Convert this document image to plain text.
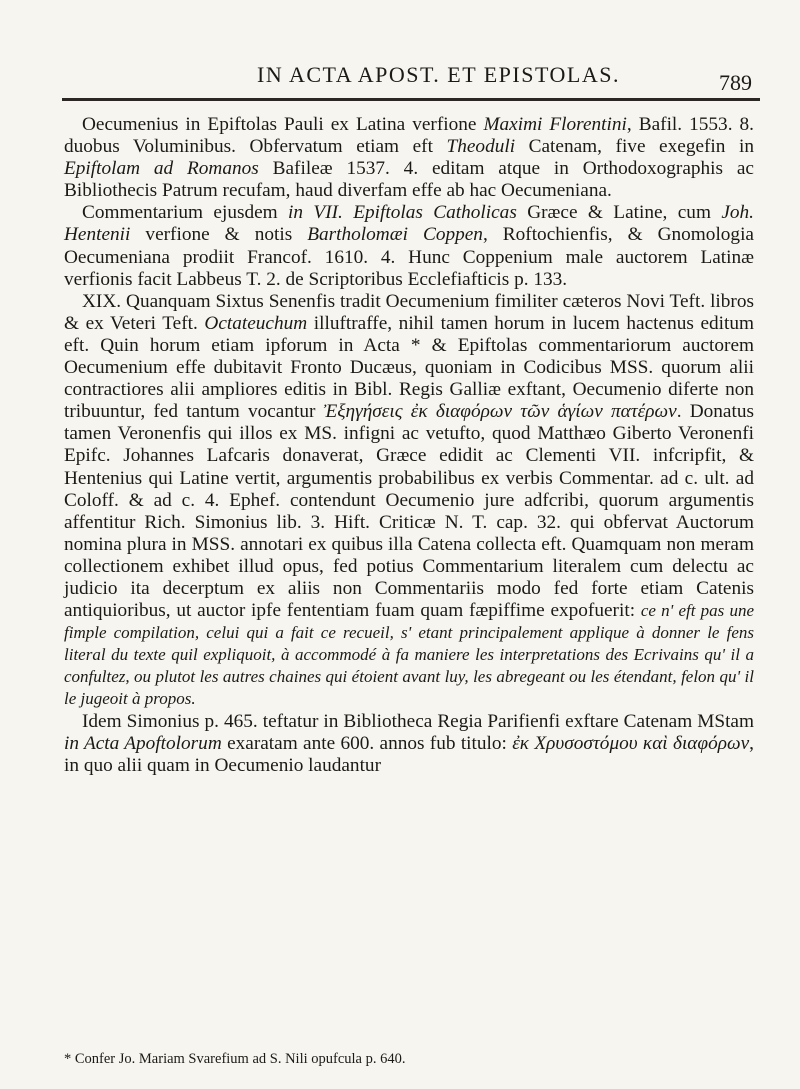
IN ACTA APOST. ET EPISTOLAS.	789

Oecumenius in Epiftolas Pauli ex Latina verfione Maximi Florentini, Bafil. 1553. 8. duobus Voluminibus. Obfervatum etiam eft Theoduli Catenam, five exegefin in Epiftolam ad Romanos Bafileæ 1537. 4. editam atque in Orthodoxographis ac Bibliothecis Patrum recufam, haud diverfam effe ab hac Oecumeniana.

Commentarium ejusdem in VII. Epiftolas Catholicas Græce & Latine, cum Joh. Hentenii verfione & notis Bartholomæi Coppen, Roftochienfis, & Gnomologia Oecumeniana prodiit Francof. 1610. 4. Hunc Coppenium male auctorem Latinæ verfionis facit Labbeus T. 2. de Scriptoribus Ecclefiafticis p. 133.

XIX. Quanquam Sixtus Senenfis tradit Oecumenium fimiliter cæteros Novi Teft. libros & ex Veteri Teft. Octateuchum illuftraffe, nihil tamen horum in lucem hactenus editum eft. Quin horum etiam ipforum in Acta * & Epiftolas commentariorum auctorem Oecumenium effe dubitavit Fronto Ducæus, quoniam in Codicibus MSS. quorum alii contractiores alii ampliores editis in Bibl. Regis Galliæ exftant, Oecumenio diferte non tribuuntur, fed tantum vocantur Ἐξηγήσεις ἐκ διαφόρων τῶν ἁγίων πατέρων. Donatus tamen Veronenfis qui illos ex MS. infigni ac vetufto, quod Matthæo Giberto Veronenfi Epifc. Johannes Lafcaris donaverat, Græce edidit ac Clementi VII. infcripfit, & Hentenius qui Latine vertit, argumentis probabilibus ex verbis Commentar. ad c. ult. ad Coloff. & ad c. 4. Ephef. contendunt Oecumenio jure adfcribi, quorum argumentis affentitur Rich. Simonius lib. 3. Hift. Criticæ N. T. cap. 32. qui obfervat Auctorum nomina plura in MSS. annotari ex quibus illa Catena collecta eft. Quamquam non meram collectionem exhibet illud opus, fed potius Commentarium literalem cum delectu ac judicio ita decerptum ex aliis non Commentariis modo fed forte etiam Catenis antiquioribus, ut auctor ipfe fententiam fuam quam fæpiffime expofuerit: ce n' eft pas une fimple compilation, celui qui a fait ce recueil, s' etant principalement applique à donner le fens literal du texte quil expliquoit, à accommodé à fa maniere les interpretations des Ecrivains qu' il a confultez, ou plutot les autres chaines qui étoient avant luy, les abregeant ou les étendant, felon qu' il le jugeoit à propos.

Idem Simonius p. 465. teftatur in Bibliotheca Regia Parifienfi exftare Catenam MStam in Acta Apoftolorum exaratam ante 600. annos fub titulo: ἐκ Χρυσοστόμου καὶ διαφόρων, in quo alii quam in Oecumenio laudantur

* Confer Jo. Mariam Svarefium ad S. Nili opufcula p. 640.
